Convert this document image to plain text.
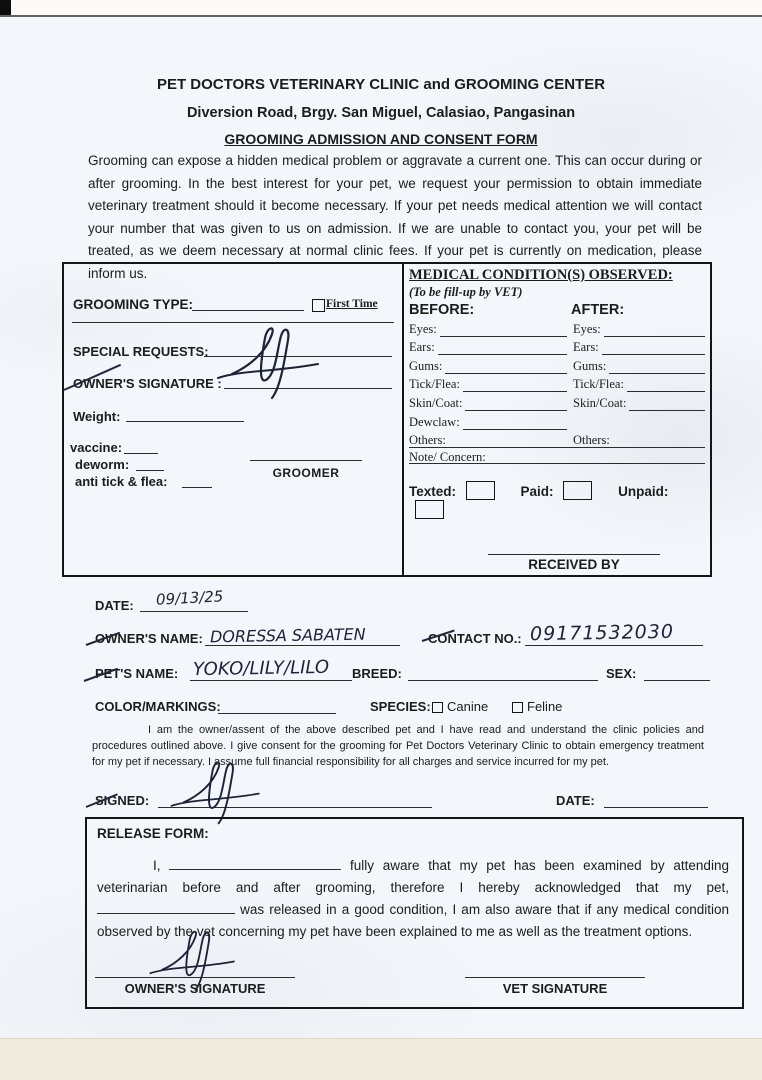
PET DOCTORS VETERINARY CLINIC and GROOMING CENTER
Diversion Road, Brgy. San Miguel, Calasiao, Pangasinan
GROOMING ADMISSION AND CONSENT FORM

Grooming can expose a hidden medical problem or aggravate a current one. This can occur during or after grooming. In the best interest for your pet, we request your permission to obtain immediate veterinary treatment should it become necessary. If your pet needs medical attention we will contact your number that was given to us on admission. If we are unable to contact you, your pet will be treated, as we deem necessary at normal clinic fees. If your pet is currently on medication, please inform us.

GROOMING TYPE:	First Time
SPECIAL REQUESTS:
OWNER'S SIGNATURE :
Weight:
vaccine:
deworm:
anti tick & flea:
GROOMER
MEDICAL CONDITION(S) OBSERVED:
(To be fill-up by VET)
BEFORE:	AFTER:
Eyes:	Eyes:
Ears:	Ears:
Gums:	Gums:
Tick/Flea:	Tick/Flea:
Skin/Coat:	Skin/Coat:
Dewclaw:
Others:	Others:
Note/ Concern:
Texted:	Paid:	Unpaid:
RECEIVED BY
DATE: 09/13/25
OWNER'S NAME: DORESSA SABATEN	CONTACT NO.: 09171532030
PET'S NAME: YOKO/LILY/LILO BREED:	SEX:
COLOR/MARKINGS:	SPECIES: Canine	Feline

I am the owner/assent of the above described pet and I have read and understand the clinic policies and procedures outlined above. I give consent for the grooming for Pet Doctors Veterinary Clinic to obtain emergency treatment for my pet if necessary. I assume full financial responsibility for all charges and service incurred for my pet.

SIGNED:	DATE:
RELEASE FORM:

I,	fully aware that my pet has been examined by attending veterinarian before and after grooming, therefore I hereby acknowledged that my pet,  was released in a good condition, I am also aware that if any medical condition observed by the vet concerning my pet have been explained to me as well as the treatment options.

OWNER'S SIGNATURE	VET SIGNATURE
